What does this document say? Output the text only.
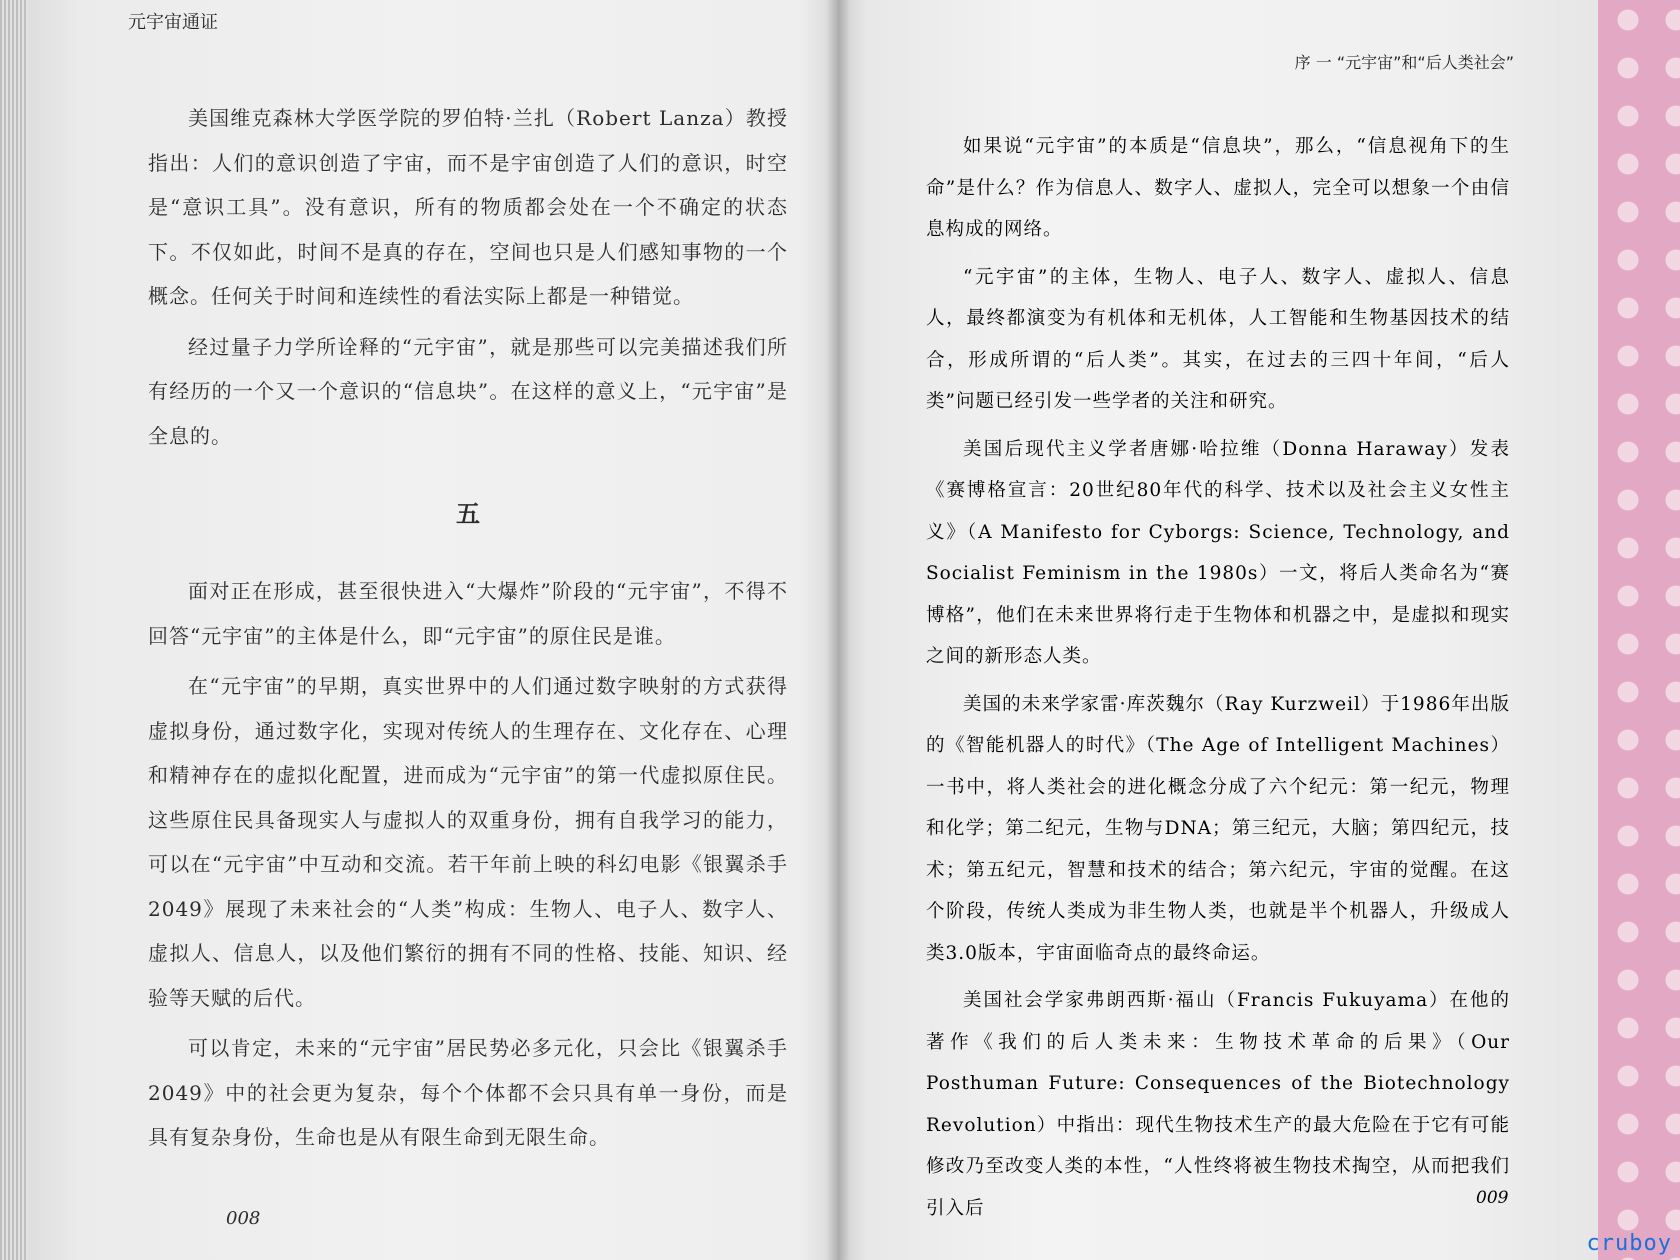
元宇宙通证

美国维克森林大学医学院的罗伯特·兰扎（Robert Lanza）教授指出：人们的意识创造了宇宙，而不是宇宙创造了人们的意识，时空是“意识工具”。没有意识，所有的物质都会处在一个不确定的状态下。不仅如此，时间不是真的存在，空间也只是人们感知事物的一个概念。任何关于时间和连续性的看法实际上都是一种错觉。

经过量子力学所诠释的“元宇宙”，就是那些可以完美描述我们所有经历的一个又一个意识的“信息块”。在这样的意义上，“元宇宙”是全息的。

五

面对正在形成，甚至很快进入“大爆炸”阶段的“元宇宙”，不得不回答“元宇宙”的主体是什么，即“元宇宙”的原住民是谁。

在“元宇宙”的早期，真实世界中的人们通过数字映射的方式获得虚拟身份，通过数字化，实现对传统人的生理存在、文化存在、心理和精神存在的虚拟化配置，进而成为“元宇宙”的第一代虚拟原住民。这些原住民具备现实人与虚拟人的双重身份，拥有自我学习的能力，可以在“元宇宙”中互动和交流。若干年前上映的科幻电影《银翼杀手2049》展现了未来社会的“人类”构成：生物人、电子人、数字人、虚拟人、信息人，以及他们繁衍的拥有不同的性格、技能、知识、经验等天赋的后代。

可以肯定，未来的“元宇宙”居民势必多元化，只会比《银翼杀手2049》中的社会更为复杂，每个个体都不会只具有单一身份，而是具有复杂身份，生命也是从有限生命到无限生命。

008
序 一 “元宇宙”和“后人类社会”

如果说“元宇宙”的本质是“信息块”，那么，“信息视角下的生命”是什么？作为信息人、数字人、虚拟人，完全可以想象一个由信息构成的网络。

“元宇宙”的主体，生物人、电子人、数字人、虚拟人、信息人，最终都演变为有机体和无机体，人工智能和生物基因技术的结合，形成所谓的“后人类”。其实，在过去的三四十年间，“后人类”问题已经引发一些学者的关注和研究。

美国后现代主义学者唐娜·哈拉维（Donna Haraway）发表《赛博格宣言：20世纪80年代的科学、技术以及社会主义女性主义》（A Manifesto for Cyborgs: Science, Technology, and Socialist Feminism in the 1980s）一文，将后人类命名为“赛博格”，他们在未来世界将行走于生物体和机器之中，是虚拟和现实之间的新形态人类。

美国的未来学家雷·库茨魏尔（Ray Kurzweil）于1986年出版的《智能机器人的时代》（The Age of Intelligent Machines）一书中，将人类社会的进化概念分成了六个纪元：第一纪元，物理和化学；第二纪元，生物与DNA；第三纪元，大脑；第四纪元，技术；第五纪元，智慧和技术的结合；第六纪元，宇宙的觉醒。在这个阶段，传统人类成为非生物人类，也就是半个机器人，升级成人类3.0版本，宇宙面临奇点的最终命运。

美国社会学家弗朗西斯·福山（Francis Fukuyama）在他的著作《我们的后人类未来：生物技术革命的后果》（Our Posthuman Future: Consequences of the Biotechnology Revolution）中指出：现代生物技术生产的最大危险在于它有可能修改乃至改变人类的本性，“人性终将被生物技术掏空，从而把我们引入后	009
cruboy
